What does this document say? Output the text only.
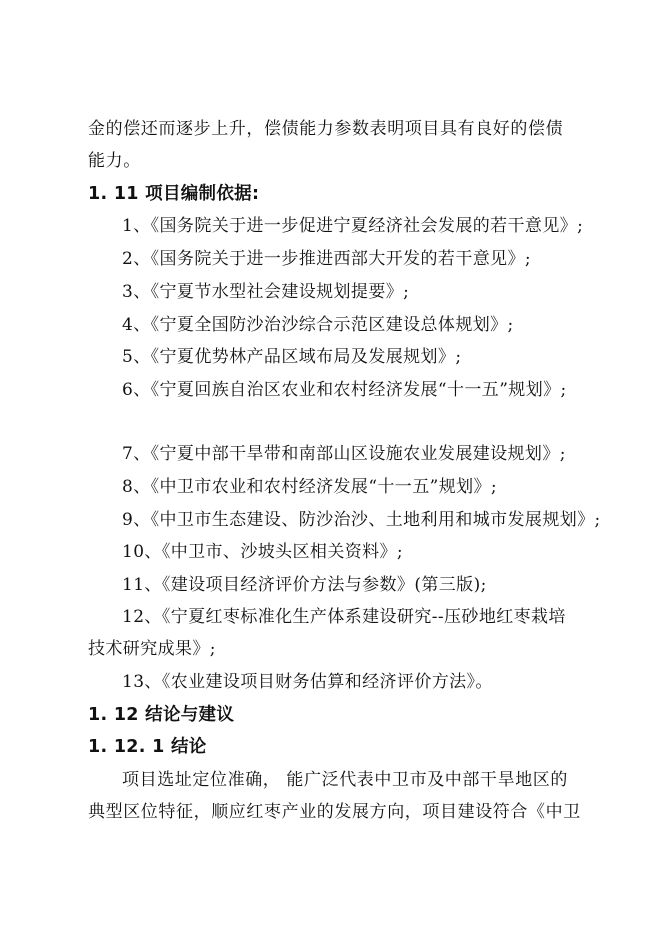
金的偿还而逐步上升，偿债能力参数表明项目具有良好的偿债
能力。
1. 11 项目编制依据:
1、《国务院关于进一步促进宁夏经济社会发展的若干意见》;
2、《国务院关于进一步推进西部大开发的若干意见》;
3、《宁夏节水型社会建设规划提要》;
4、《宁夏全国防沙治沙综合示范区建设总体规划》;
5、《宁夏优势林产品区域布局及发展规划》;
6、《宁夏回族自治区农业和农村经济发展“十一五”规划》;
7、《宁夏中部干旱带和南部山区设施农业发展建设规划》;
8、《中卫市农业和农村经济发展“十一五”规划》;
9、《中卫市生态建设、防沙治沙、土地利用和城市发展规划》;
10、《中卫市、沙坡头区相关资料》;
11、《建设项目经济评价方法与参数》(第三版);
12、《宁夏红枣标准化生产体系建设研究--压砂地红枣栽培
技术研究成果》;
13、《农业建设项目财务估算和经济评价方法》。
1. 12 结论与建议
1. 12. 1 结论
项目选址定位准确， 能广泛代表中卫市及中部干旱地区的
典型区位特征，顺应红枣产业的发展方向，项目建设符合《中卫
